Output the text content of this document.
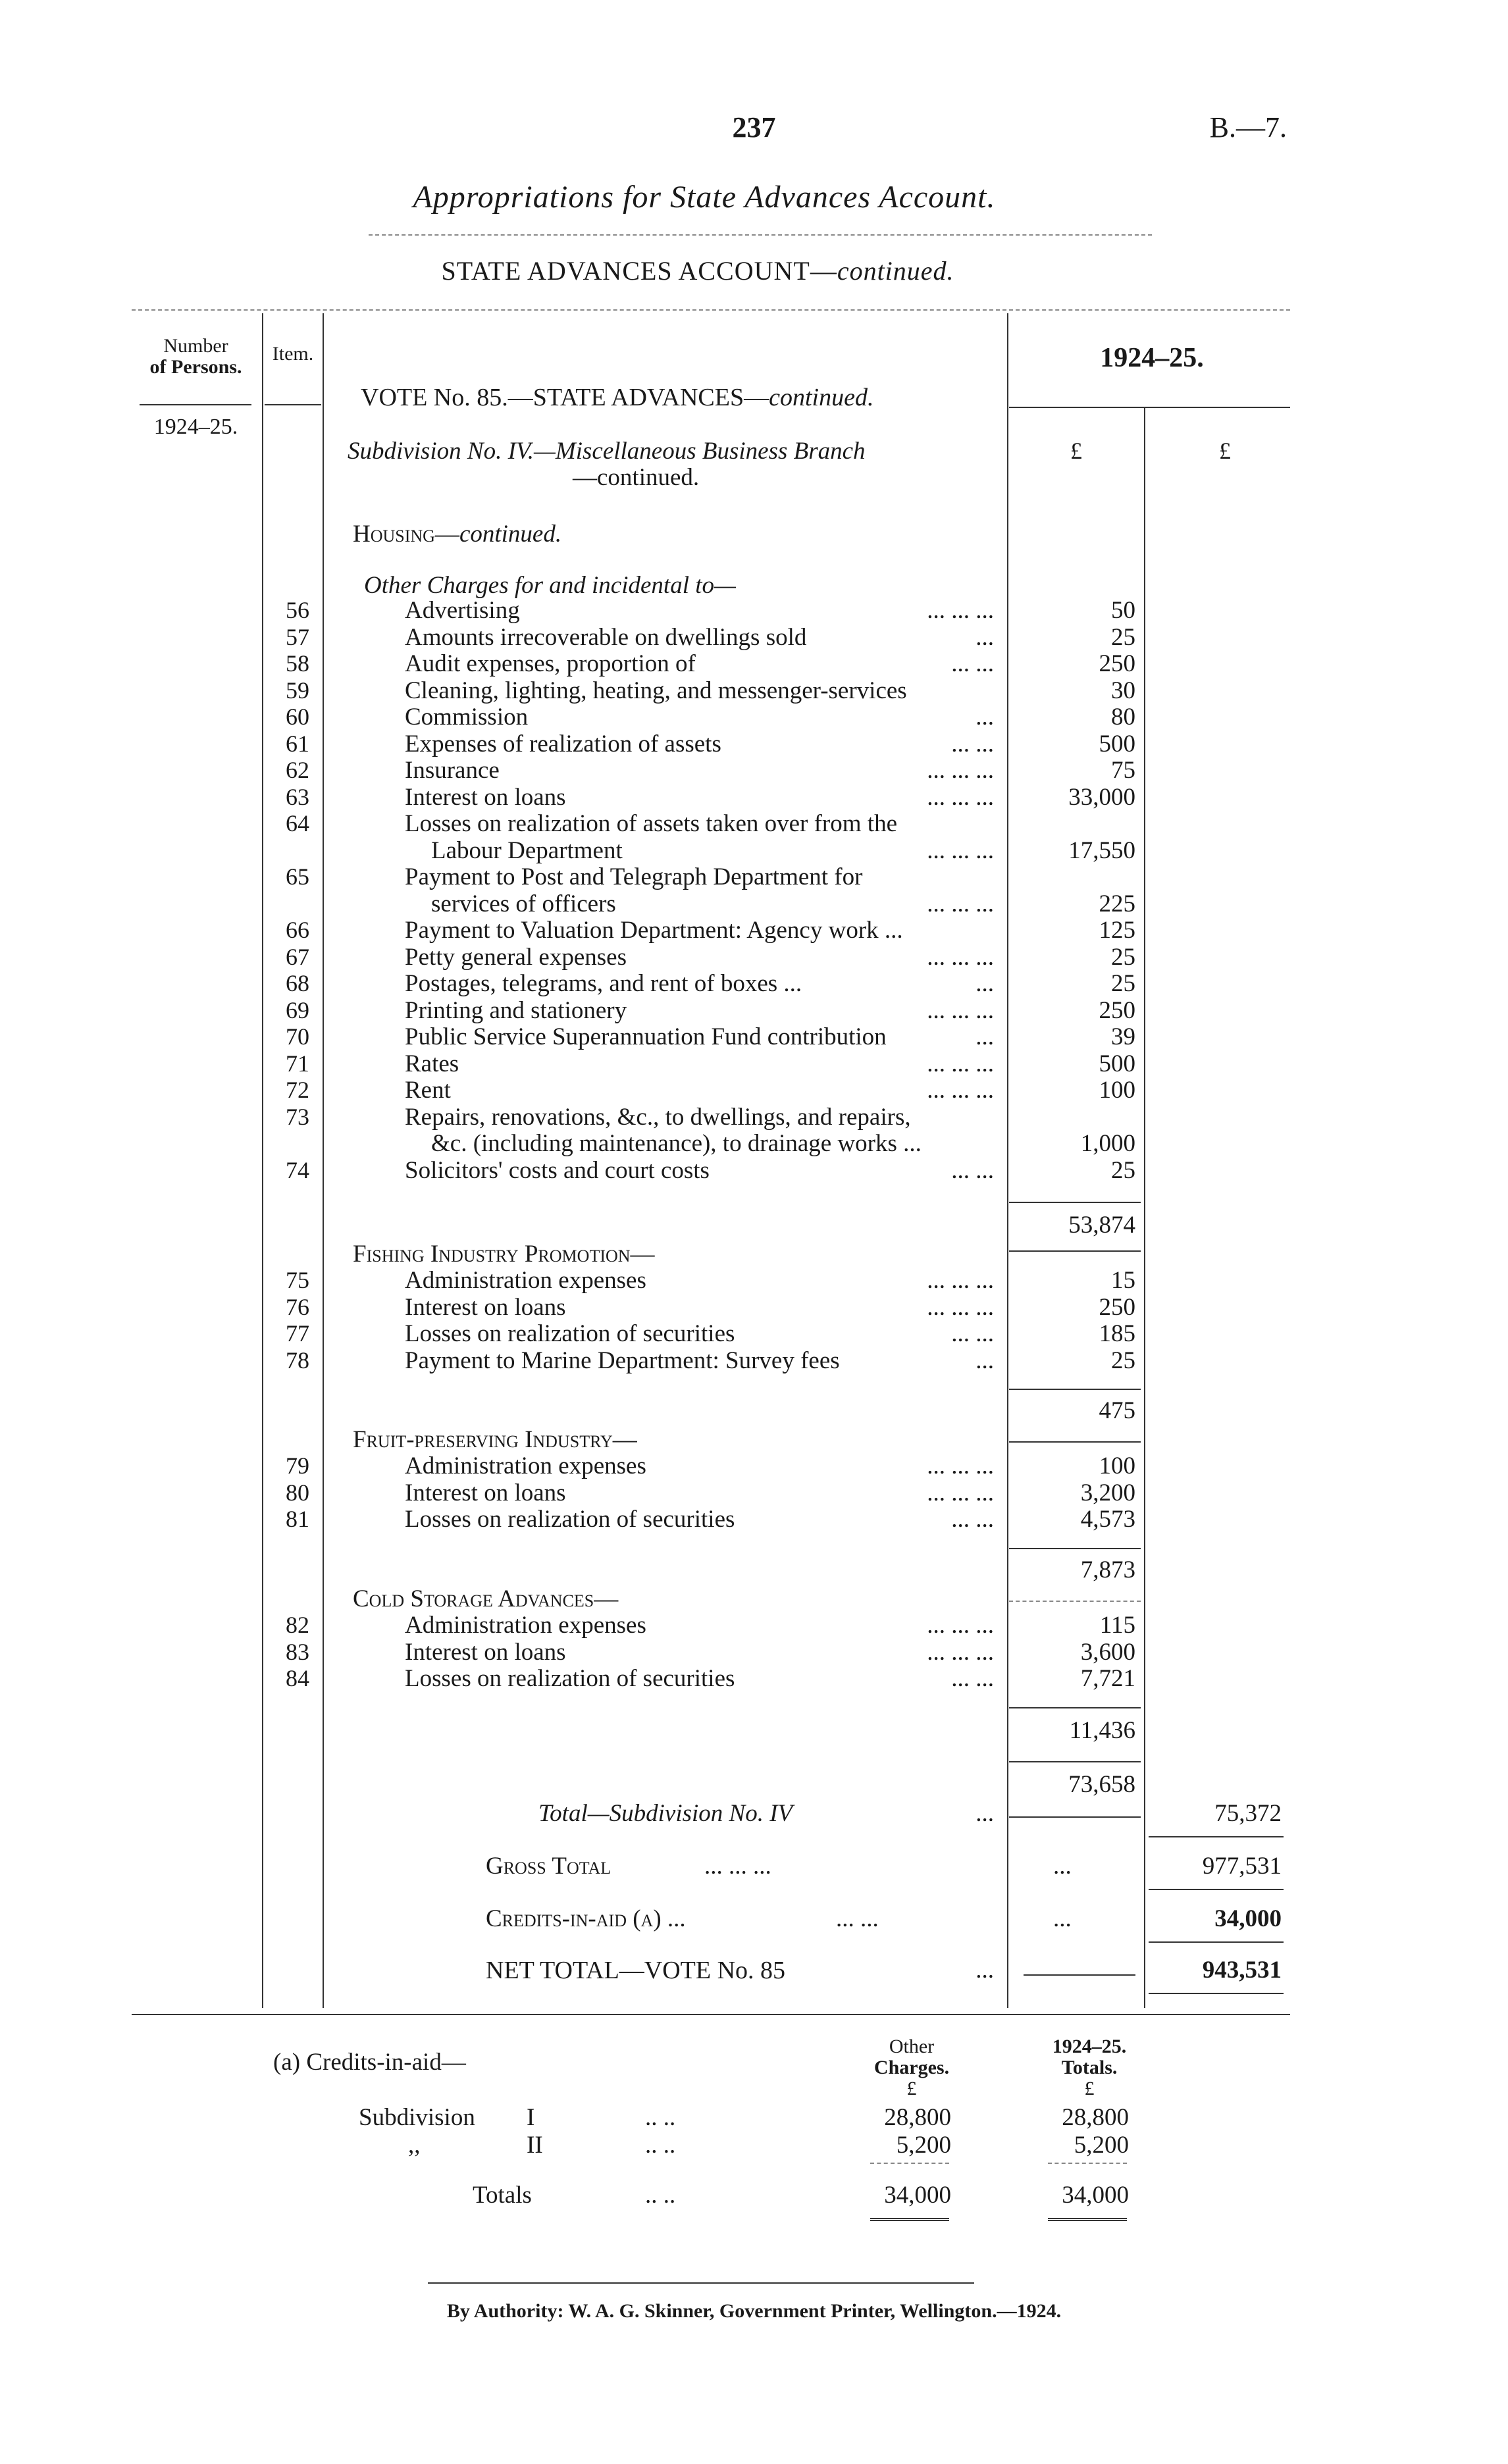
237	B.—7.
Appropriations for State Advances Account.
STATE ADVANCES ACCOUNT—continued.
Number
of Persons.
Item.
1924–25.
1924–25.
£	£
VOTE No. 85.—STATE ADVANCES—continued.
Subdivision No. IV.—Miscellaneous Business Branch
—continued.
Housing—continued.
Other Charges for and incidental to—
56	Advertising	... ... ...	50
57	Amounts irrecoverable on dwellings sold	...	25
58	Audit expenses, proportion of	... ...	250
59	Cleaning, lighting, heating, and messenger-services	30
60	Commission	...	80
61	Expenses of realization of assets	... ...	500
62	Insurance	... ... ...	75
63	Interest on loans	... ... ...	33,000
64	Losses on realization of assets taken over from the
Labour Department	... ... ...	17,550
65	Payment to Post and Telegraph Department for
services of officers	... ... ...	225
66	Payment to Valuation Department: Agency work ...	125
67	Petty general expenses	... ... ...	25
68	Postages, telegrams, and rent of boxes ...	...	25
69	Printing and stationery	... ... ...	250
70	Public Service Superannuation Fund contribution	...	39
71	Rates	... ... ...	500
72	Rent	... ... ...	100
73	Repairs, renovations, &c., to dwellings, and repairs,
&c. (including maintenance), to drainage works ...	1,000
74	Solicitors' costs and court costs	... ...	25
53,874
Fishing Industry Promotion—
75	Administration expenses	... ... ...	15
76	Interest on loans	... ... ...	250
77	Losses on realization of securities	... ...	185
78	Payment to Marine Department: Survey fees	...	25
475
Fruit-preserving Industry—
79	Administration expenses	... ... ...	100
80	Interest on loans	... ... ...	3,200
81	Losses on realization of securities	... ...	4,573
7,873
Cold Storage Advances—
82	Administration expenses	... ... ...	115
83	Interest on loans	... ... ...	3,600
84	Losses on realization of securities	... ...	7,721
11,436
73,658
Total—Subdivision No. IV	...	75,372
Gross Total	... ... ...	...	977,531
Credits-in-aid (a) ...	... ...	...	34,000
NET TOTAL—VOTE No. 85	...	943,531
(a) Credits-in-aid—
Other
Charges.
£
1924–25.
Totals.
£
Subdivision I	.. ..	28,800	28,800
,,	II	.. ..	5,200	5,200
Totals	.. ..	34,000	34,000
By Authority: W. A. G. Skinner, Government Printer, Wellington.—1924.
